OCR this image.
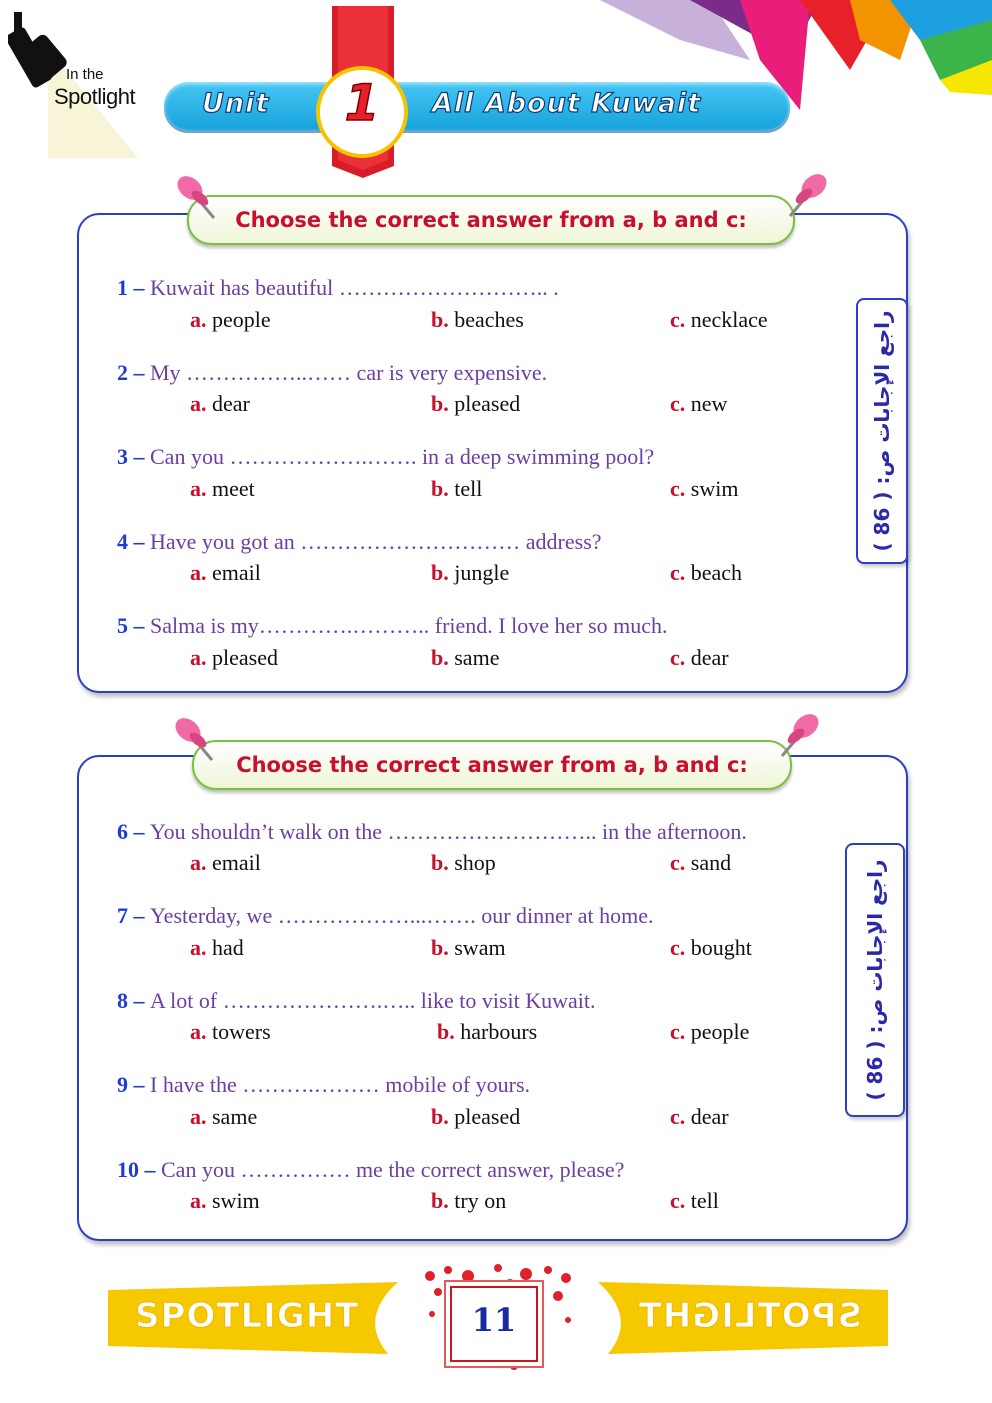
In the
Spotlight	1
Unit	All About Kuwait
Choose the correct answer from a, b and c:
راجع الإجابات ص: ( 86 )
1 – Kuwait has beautiful ……………………….. .
a. people	b. beaches	c. necklace
2 – My ……………..…… car is very expensive.
a. dear	b. pleased	c. new
3 – Can you ……………….……. in a deep swimming pool?
a. meet	b. tell	c. swim
4 – Have you got an ………………………… address?
a. email	b. jungle	c. beach
5 – Salma is my………….……….. friend. I love her so much.
a. pleased	b. same	c. dear
Choose the correct answer from a, b and c:
راجع الإجابات ص: ( 86 )
6 – You shouldn’t walk on the ……………………….. in the afternoon.
a. email	b. shop	c. sand
7 – Yesterday, we ………………...……. our dinner at home.
a. had	b. swam	c. bought
8 – A lot of ………………….….. like to visit Kuwait.
a. towers	b. harbours	c. people
9 – I have the ……….……… mobile of yours.
a. same	b. pleased	c. dear
10 – Can you …………… me the correct answer, please?
a. swim	b. try on	c. tell
SPOTLIGHT	SPOTLIGHT
11
